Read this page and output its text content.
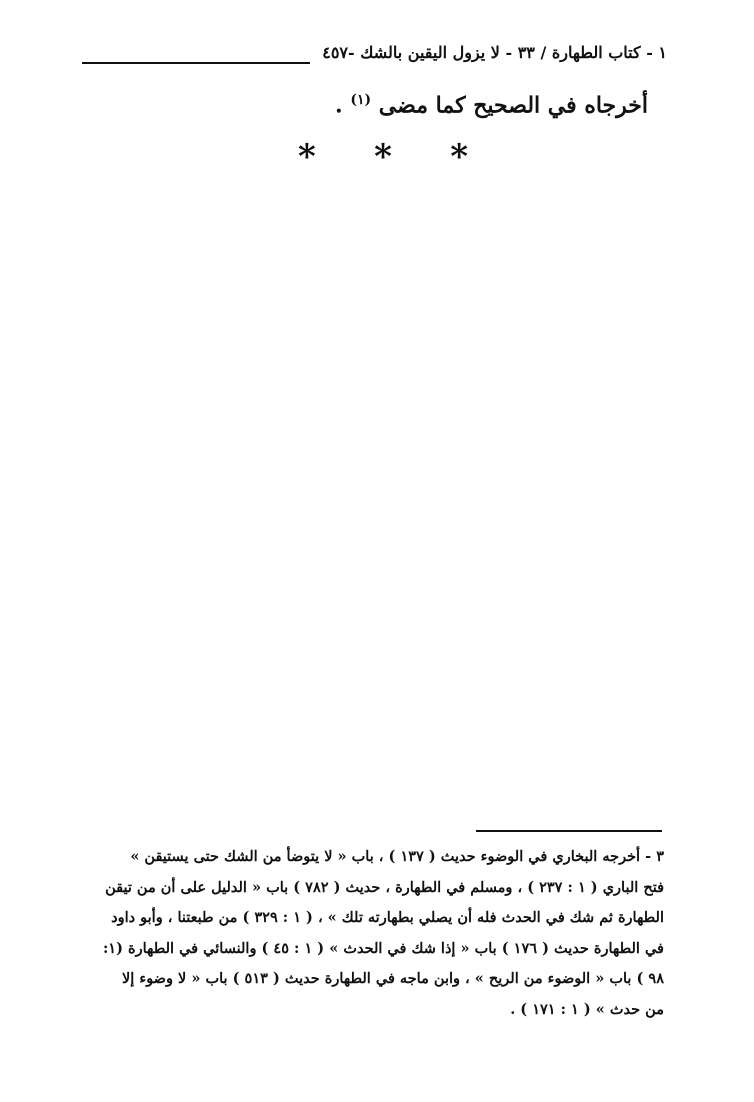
١ - كتاب الطهارة / ٣٣ - لا يزول اليقين بالشك -٤٥٧
أخرجاه في الصحيح كما مضى $^{(١)}$ .
* * *
٣ - أخرجه البخاري في الوضوء حديث ( ١٣٧ ) ، باب « لا يتوضأ من الشك حتى يستيقن »
فتح الباري ( ١ : ٢٣٧ ) ، ومسلم في الطهارة ، حديث ( ٧٨٢ ) باب « الدليل على أن من تيقن
الطهارة ثم شك في الحدث فله أن يصلي بطهارته تلك » ، ( ١ : ٣٢٩ ) من طبعتنا ، وأبو داود
في الطهارة حديث ( ١٧٦ ) باب « إذا شك في الحدث » ( ١ : ٤٥ ) والنسائي في الطهارة (١:
٩٨ ) باب « الوضوء من الريح » ، وابن ماجه في الطهارة حديث ( ٥١٣ ) باب « لا وضوء إلا
من حدث » ( ١ : ١٧١ ) .
